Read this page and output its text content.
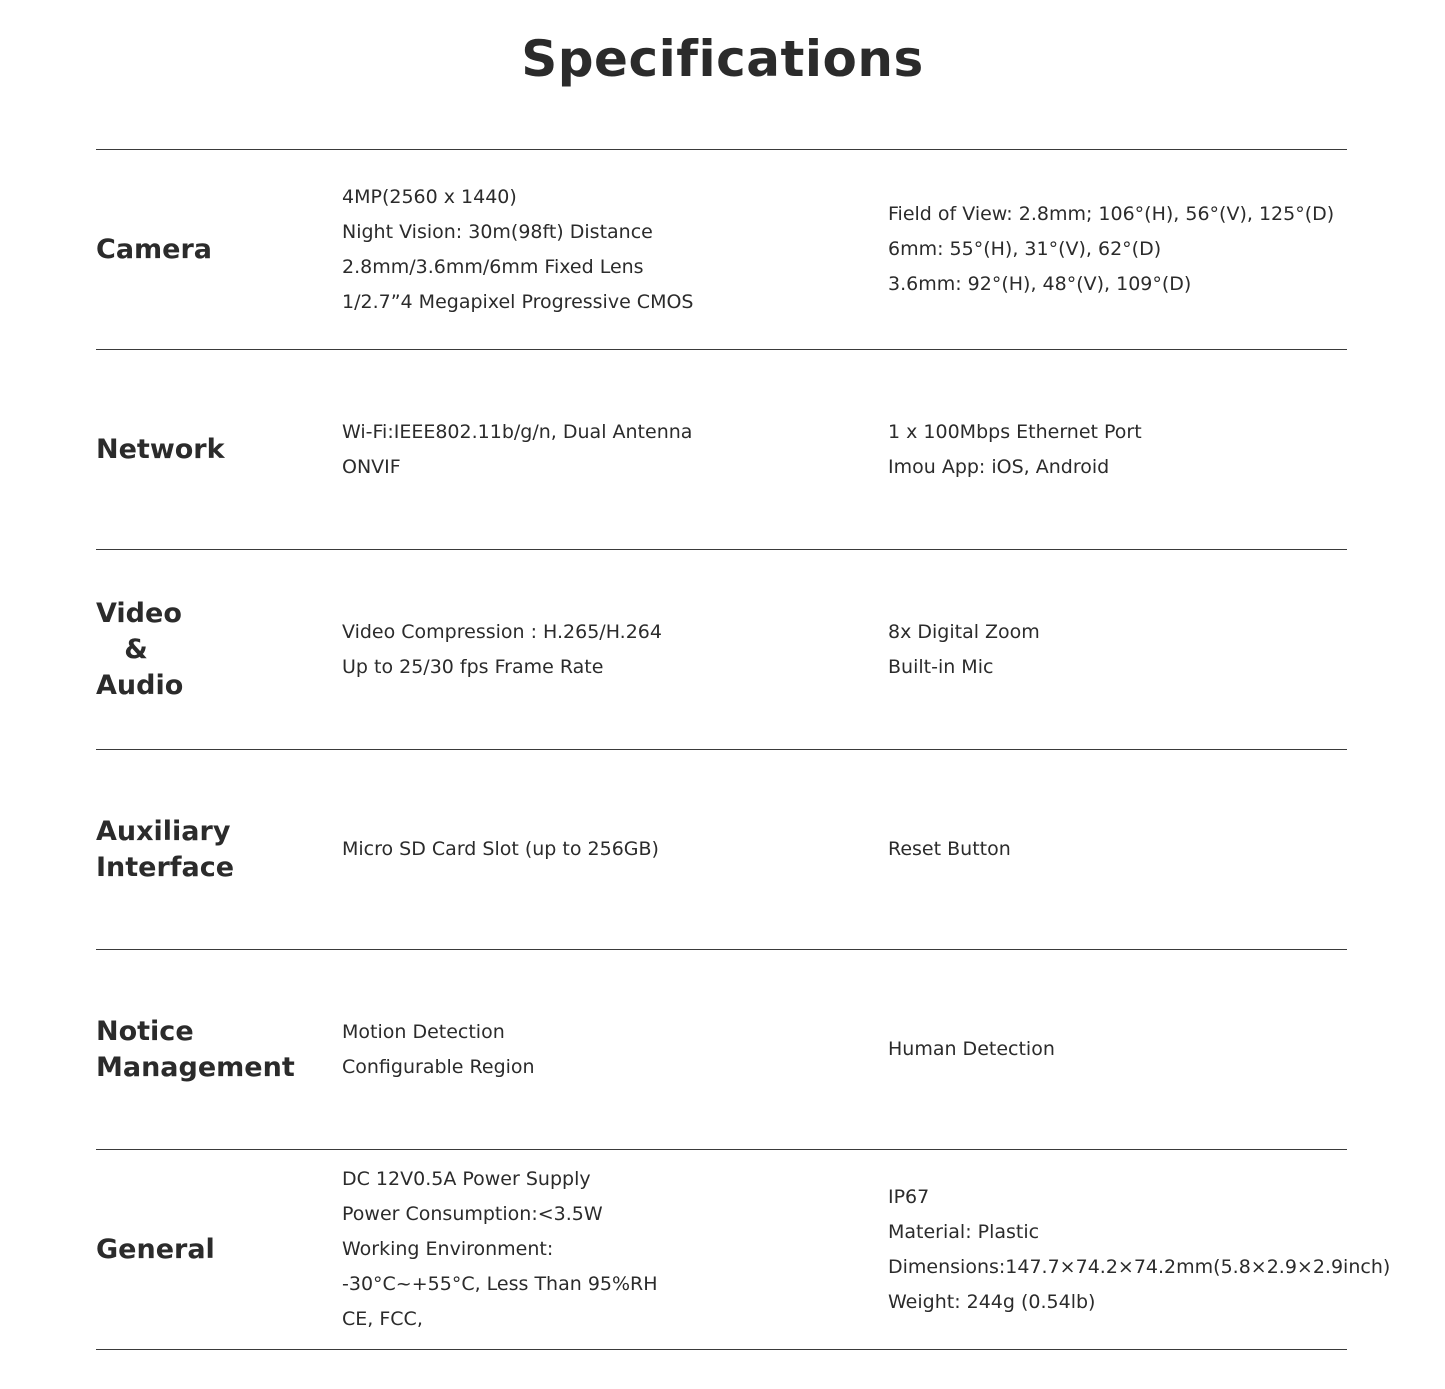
Specifications
Camera
4MP(2560 x 1440)
Night Vision: 30m(98ft) Distance
2.8mm/3.6mm/6mm Fixed Lens
1/2.7”4 Megapixel Progressive CMOS
Field of View: 2.8mm; 106°(H), 56°(V), 125°(D)
6mm: 55°(H), 31°(V), 62°(D)
3.6mm: 92°(H), 48°(V), 109°(D)
Network
Wi-Fi:IEEE802.11b/g/n, Dual Antenna
ONVIF
1 x 100Mbps Ethernet Port
Imou App: iOS, Android
Video
&
Audio
Video Compression : H.265/H.264
Up to 25/30 fps Frame Rate
8x Digital Zoom
Built-in Mic
Auxiliary
Interface
Micro SD Card Slot (up to 256GB)	Reset Button
Notice
Management
Motion Detection
Configurable Region
Human Detection
General
DC 12V0.5A Power Supply
Power Consumption:<3.5W
Working Environment:
-30°C~+55°C, Less Than 95%RH
CE, FCC,
IP67
Material: Plastic
Dimensions:147.7×74.2×74.2mm(5.8×2.9×2.9inch)
Weight: 244g (0.54lb)
